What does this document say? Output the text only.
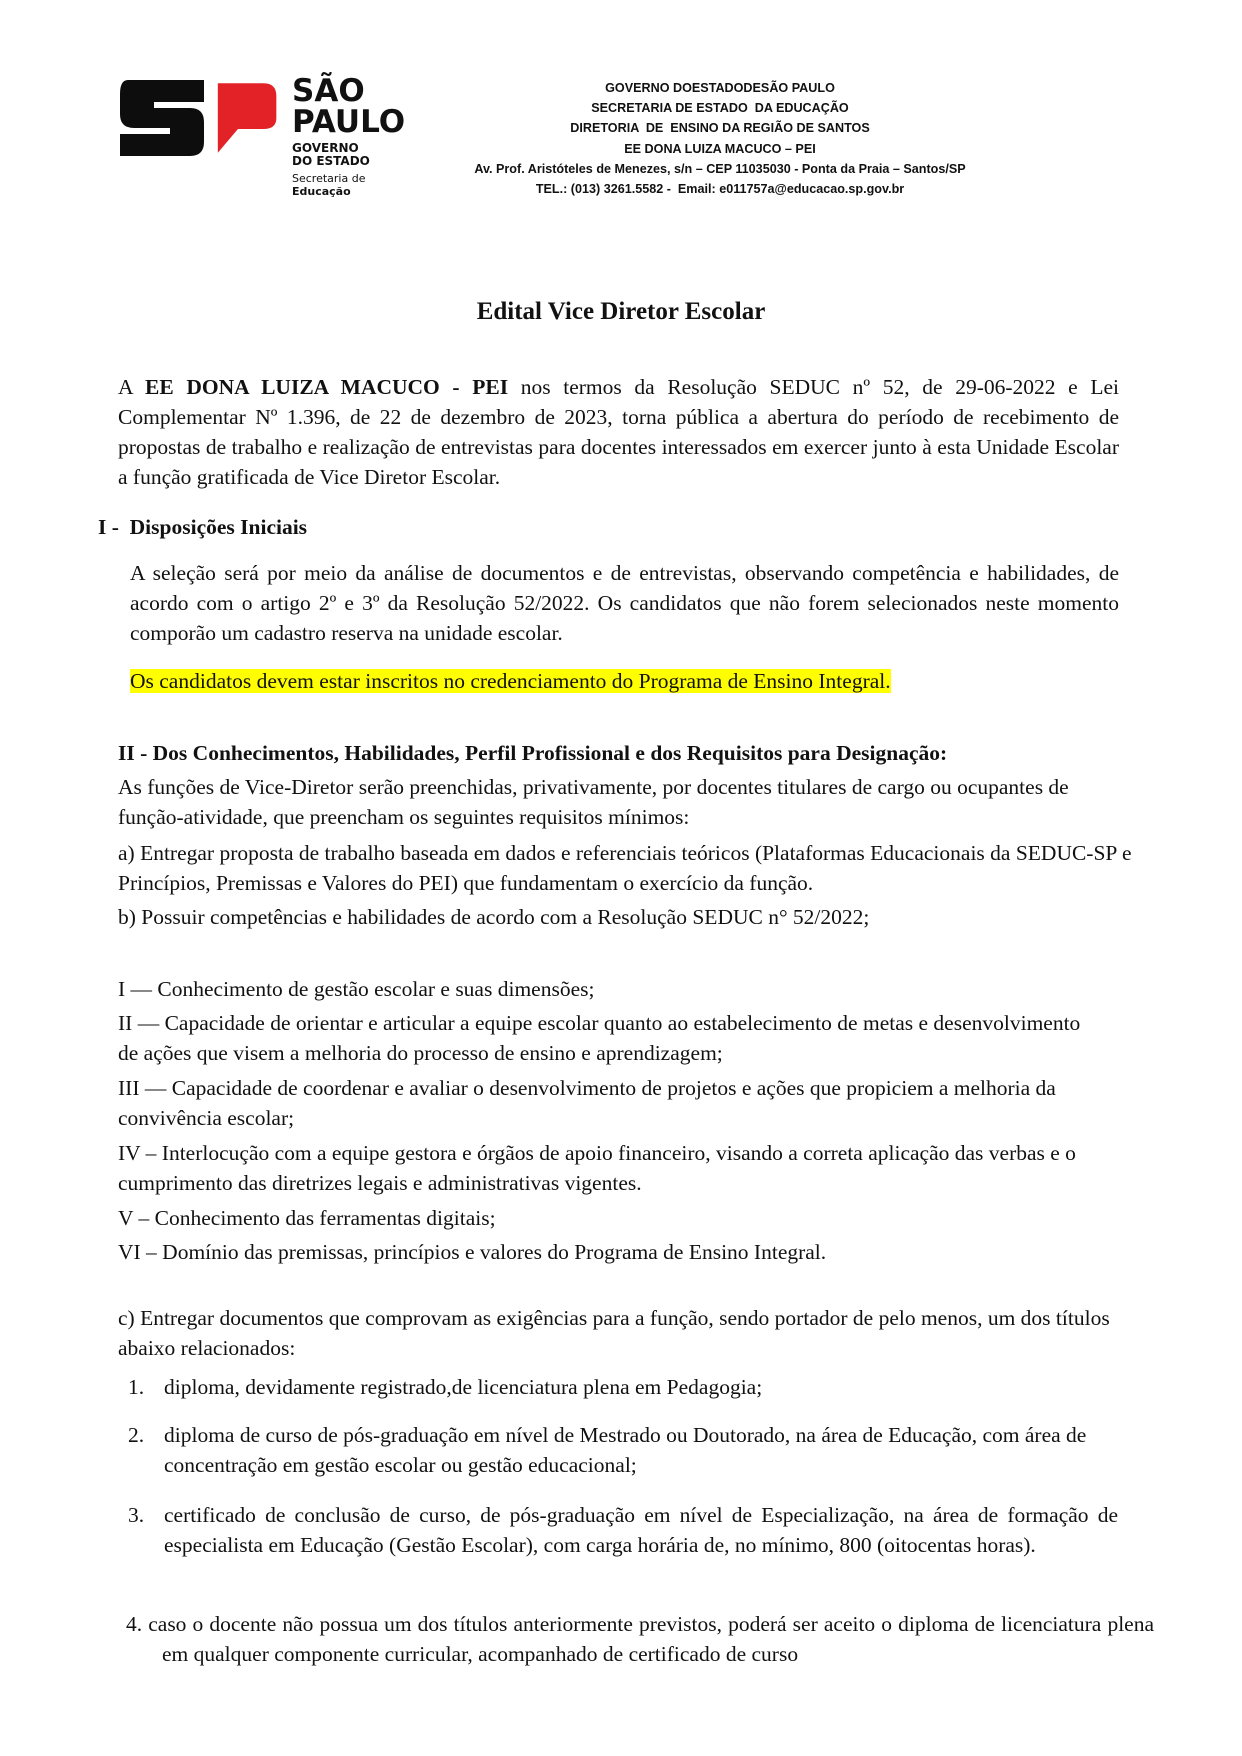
SÃO
PAULO
GOVERNO
DO ESTADO
Secretaria de
Educação
GOVERNO DOESTADODESÃO PAULO
SECRETARIA DE ESTADO  DA EDUCAÇÃO
DIRETORIA  DE  ENSINO DA REGIÃO DE SANTOS
EE DONA LUIZA MACUCO – PEI
Av. Prof. Aristóteles de Menezes, s/n – CEP 11035030 - Ponta da Praia – Santos/SP
TEL.: (013) 3261.5582 -  Email: e011757a@educacao.sp.gov.br
Edital Vice Diretor Escolar
A EE DONA LUIZA MACUCO - PEI nos termos da Resolução SEDUC nº 52, de 29-06-2022 e Lei Complementar Nº 1.396, de 22 de dezembro de 2023, torna pública a abertura do período de recebimento de propostas de trabalho e realização de entrevistas para docentes interessados em exercer junto à esta Unidade Escolar a função gratificada de Vice Diretor Escolar.
I -  Disposições Iniciais
A seleção será por meio da análise de documentos e de entrevistas, observando competência e habilidades, de acordo com o artigo 2º e 3º da Resolução 52/2022. Os candidatos que não forem selecionados neste momento comporão um cadastro reserva na unidade escolar.
Os candidatos devem estar inscritos no credenciamento do Programa de Ensino Integral.
II - Dos Conhecimentos, Habilidades, Perfil Profissional e dos Requisitos para Designação:
As funções de Vice-Diretor serão preenchidas, privativamente, por docentes titulares de cargo ou ocupantes de função-atividade, que preencham os seguintes requisitos mínimos:
a) Entregar proposta de trabalho baseada em dados e referenciais teóricos (Plataformas Educacionais da SEDUC-SP e Princípios, Premissas e Valores do PEI) que fundamentam o exercício da função.
b) Possuir competências e habilidades de acordo com a Resolução SEDUC n° 52/2022;
I — Conhecimento de gestão escolar e suas dimensões;
II — Capacidade de orientar e articular a equipe escolar quanto ao estabelecimento de metas e desenvolvimento de ações que visem a melhoria do processo de ensino e aprendizagem;
III — Capacidade de coordenar e avaliar o desenvolvimento de projetos e ações que propiciem a melhoria da convivência escolar;
IV – Interlocução com a equipe gestora e órgãos de apoio financeiro, visando a correta aplicação das verbas e o cumprimento das diretrizes legais e administrativas vigentes.
V – Conhecimento das ferramentas digitais;
VI – Domínio das premissas, princípios e valores do Programa de Ensino Integral.
c) Entregar documentos que comprovam as exigências para a função, sendo portador de pelo menos, um dos títulos abaixo relacionados:
1. diploma, devidamente registrado,de licenciatura plena em Pedagogia;
2. diploma de curso de pós-graduação em nível de Mestrado ou Doutorado, na área de Educação, com área de concentração em gestão escolar ou gestão educacional;
3. certificado de conclusão de curso, de pós-graduação em nível de Especialização, na área de formação de especialista em Educação (Gestão Escolar), com carga horária de, no mínimo, 800 (oitocentas horas).
4. caso o docente não possua um dos títulos anteriormente previstos, poderá ser aceito o diploma de licenciatura plena em qualquer componente curricular, acompanhado de certificado de curso
